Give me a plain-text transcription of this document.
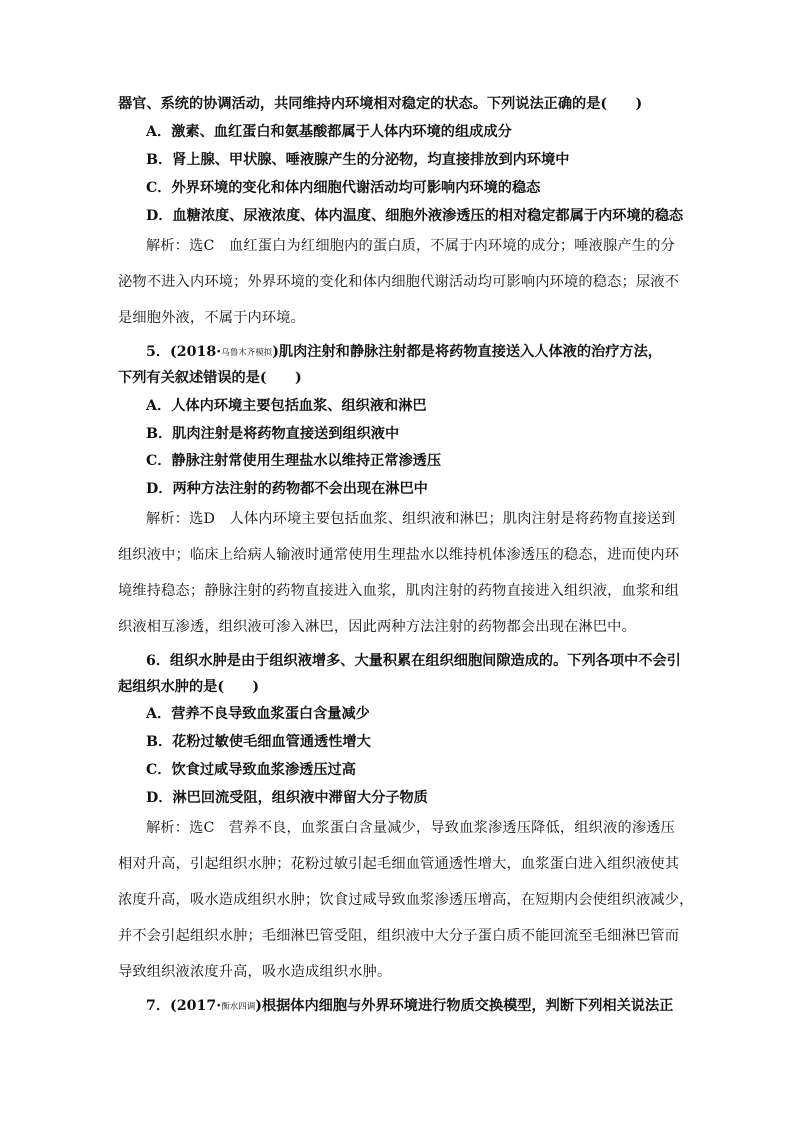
器官、系统的协调活动，共同维持内环境相对稳定的状态。下列说法正确的是(　　)
A．激素、血红蛋白和氨基酸都属于人体内环境的组成成分
B．肾上腺、甲状腺、唾液腺产生的分泌物，均直接排放到内环境中
C．外界环境的变化和体内细胞代谢活动均可影响内环境的稳态
D．血糖浓度、尿液浓度、体内温度、细胞外液渗透压的相对稳定都属于内环境的稳态
解析：选C　血红蛋白为红细胞内的蛋白质，不属于内环境的成分；唾液腺产生的分
泌物不进入内环境；外界环境的变化和体内细胞代谢活动均可影响内环境的稳态；尿液不
是细胞外液，不属于内环境。
5．(2018·乌鲁木齐模拟)肌肉注射和静脉注射都是将药物直接送入人体液的治疗方法，
下列有关叙述错误的是(　　)
A．人体内环境主要包括血浆、组织液和淋巴
B．肌肉注射是将药物直接送到组织液中
C．静脉注射常使用生理盐水以维持正常渗透压
D．两种方法注射的药物都不会出现在淋巴中
解析：选D　人体内环境主要包括血浆、组织液和淋巴；肌肉注射是将药物直接送到
组织液中；临床上给病人输液时通常使用生理盐水以维持机体渗透压的稳态，进而使内环
境维持稳态；静脉注射的药物直接进入血浆，肌肉注射的药物直接进入组织液，血浆和组
织液相互渗透，组织液可渗入淋巴，因此两种方法注射的药物都会出现在淋巴中。
6．组织水肿是由于组织液增多、大量积累在组织细胞间隙造成的。下列各项中不会引
起组织水肿的是(　　)
A．营养不良导致血浆蛋白含量减少
B．花粉过敏使毛细血管通透性增大
C．饮食过咸导致血浆渗透压过高
D．淋巴回流受阻，组织液中滞留大分子物质
解析：选C　营养不良，血浆蛋白含量减少，导致血浆渗透压降低，组织液的渗透压
相对升高，引起组织水肿；花粉过敏引起毛细血管通透性增大，血浆蛋白进入组织液使其
浓度升高，吸水造成组织水肿；饮食过咸导致血浆渗透压增高，在短期内会使组织液减少，
并不会引起组织水肿；毛细淋巴管受阻，组织液中大分子蛋白质不能回流至毛细淋巴管而
导致组织液浓度升高，吸水造成组织水肿。
7．(2017·衡水四调)根据体内细胞与外界环境进行物质交换模型，判断下列相关说法正
